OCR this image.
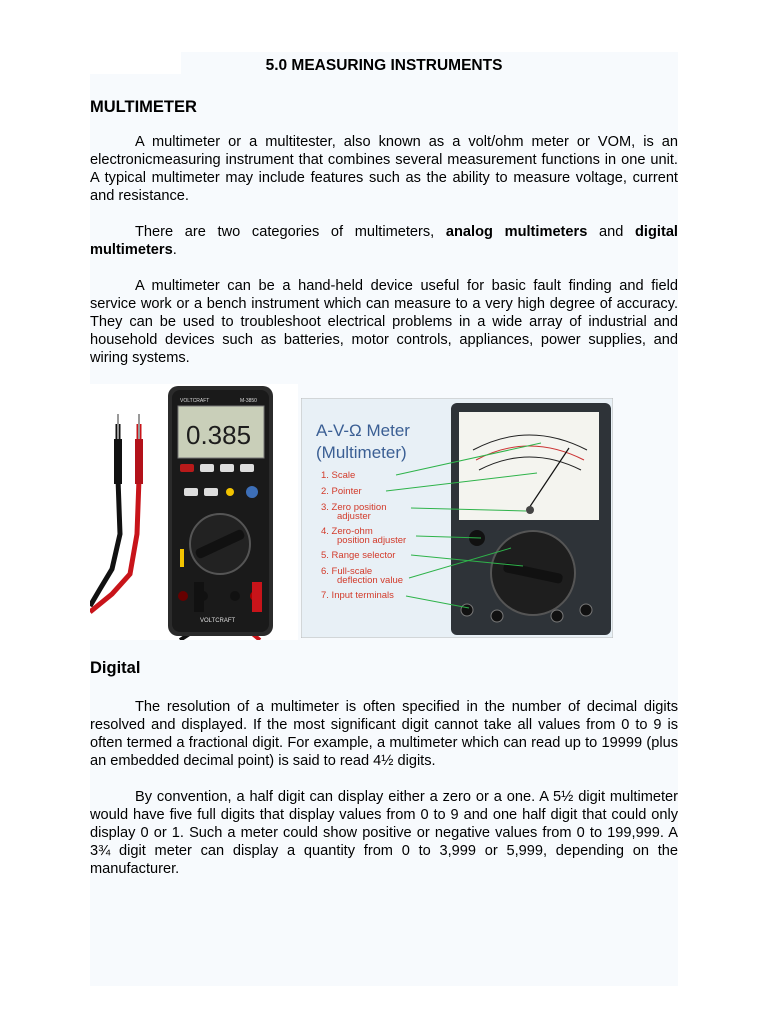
5.0 MEASURING INSTRUMENTS
MULTIMETER

A multimeter or a multitester, also known as a volt/ohm meter or VOM, is an electronicmeasuring instrument that combines several measurement functions in one unit. A typical multimeter may include features such as the ability to measure voltage, current and resistance.

There are two categories of multimeters, analog multimeters and digital multimeters.

A multimeter can be a hand-held device useful for basic fault finding and field service work or a bench instrument which can measure to a very high degree of accuracy. They can be used to troubleshoot electrical problems in a wide array of industrial and household devices such as batteries, motor controls, appliances, power supplies, and wiring systems.

VOLTCRAFT	M-3850
0.385
VOLTCRAFT
A-V-Ω Meter
(Multimeter)
1. Scale
2. Pointer
3. Zero position
adjuster
4. Zero-ohm
position adjuster
5. Range selector
6. Full-scale
deflection value
7. Input terminals
Digital

The resolution of a multimeter is often specified in the number of decimal digits resolved and displayed. If the most significant digit cannot take all values from 0 to 9 is often termed a fractional digit. For example, a multimeter which can read up to 19999 (plus an embedded decimal point) is said to read 4½ digits.

By convention, a half digit can display either a zero or a one. A 5½ digit multimeter would have five full digits that display values from 0 to 9 and one half digit that could only display 0 or 1. Such a meter could show positive or negative values from 0 to 199,999. A 3¾ digit meter can display a quantity from 0 to 3,999 or 5,999, depending on the manufacturer.
